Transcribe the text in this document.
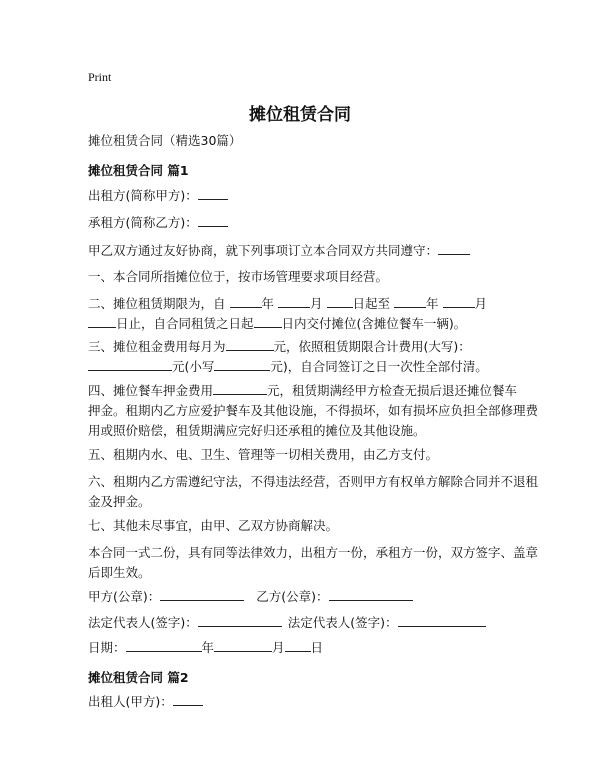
Print
摊位租赁合同
摊位租赁合同（精选30篇）
摊位租赁合同 篇1
出租方(简称甲方)：
承租方(简称乙方)：
甲乙双方通过友好协商，就下列事项订立本合同双方共同遵守：
一、本合同所指摊位位于，按市场管理要求项目经营。
二、摊位租赁期限为，自	年	月 日起至	年	月
日止，自合同租赁之日起 日内交付摊位(含摊位餐车一辆)。
三、摊位租金费用每月为	元，依照租赁期限合计费用(大写)：
元(小写	元)，自合同签订之日一次性全部付清。
四、摊位餐车押金费用	元，租赁期满经甲方检查无损后退还摊位餐车
押金。租期内乙方应爱护餐车及其他设施，不得损坏，如有损坏应负担全部修理费
用或照价赔偿，租赁期满应完好归还承租的摊位及其他设施。
五、租期内水、电、卫生、管理等一切相关费用，由乙方支付。
六、租期内乙方需遵纪守法，不得违法经营，否则甲方有权单方解除合同并不退租
金及押金。
七、其他未尽事宜，由甲、乙双方协商解决。
本合同一式二份，具有同等法律效力，出租方一份，承租方一份，双方签字、盖章
后即生效。
甲方(公章)：	乙方(公章)：
法定代表人(签字)：	法定代表人(签字)：
日期：	年	月 日
摊位租赁合同 篇2
出租人(甲方)：
